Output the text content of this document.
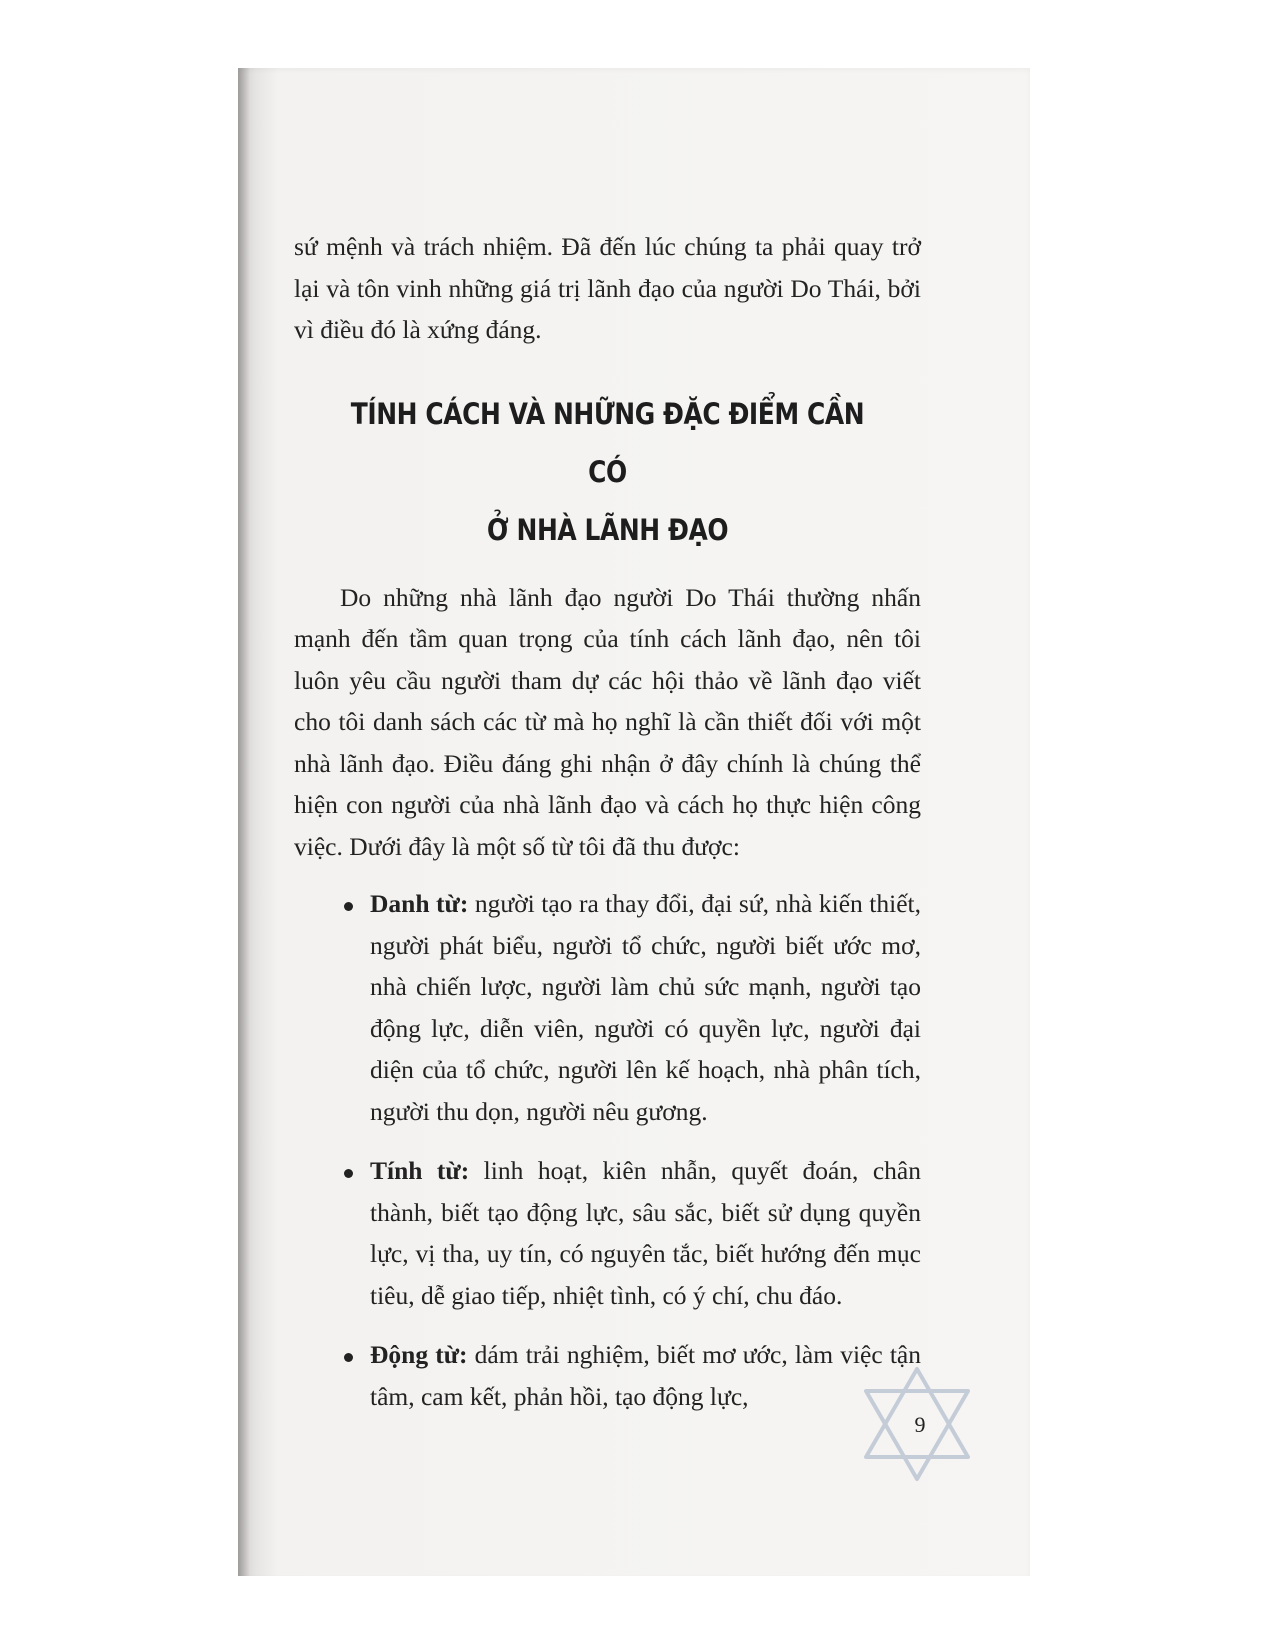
sứ mệnh và trách nhiệm. Đã đến lúc chúng ta phải quay trở lại và tôn vinh những giá trị lãnh đạo của người Do Thái, bởi vì điều đó là xứng đáng.

TÍNH CÁCH VÀ NHỮNG ĐẶC ĐIỂM CẦN CÓ
Ở NHÀ LÃNH ĐẠO

Do những nhà lãnh đạo người Do Thái thường nhấn mạnh đến tầm quan trọng của tính cách lãnh đạo, nên tôi luôn yêu cầu người tham dự các hội thảo về lãnh đạo viết cho tôi danh sách các từ mà họ nghĩ là cần thiết đối với một nhà lãnh đạo. Điều đáng ghi nhận ở đây chính là chúng thể hiện con người của nhà lãnh đạo và cách họ thực hiện công việc. Dưới đây là một số từ tôi đã thu được:

Danh từ: người tạo ra thay đổi, đại sứ, nhà kiến thiết, người phát biểu, người tổ chức, người biết ước mơ, nhà chiến lược, người làm chủ sức mạnh, người tạo động lực, diễn viên, người có quyền lực, người đại diện của tổ chức, người lên kế hoạch, nhà phân tích, người thu dọn, người nêu gương.
Tính từ: linh hoạt, kiên nhẫn, quyết đoán, chân thành, biết tạo động lực, sâu sắc, biết sử dụng quyền lực, vị tha, uy tín, có nguyên tắc, biết hướng đến mục tiêu, dễ giao tiếp, nhiệt tình, có ý chí, chu đáo.
Động từ: dám trải nghiệm, biết mơ ước, làm việc tận tâm, cam kết, phản hồi, tạo động lực,
9
